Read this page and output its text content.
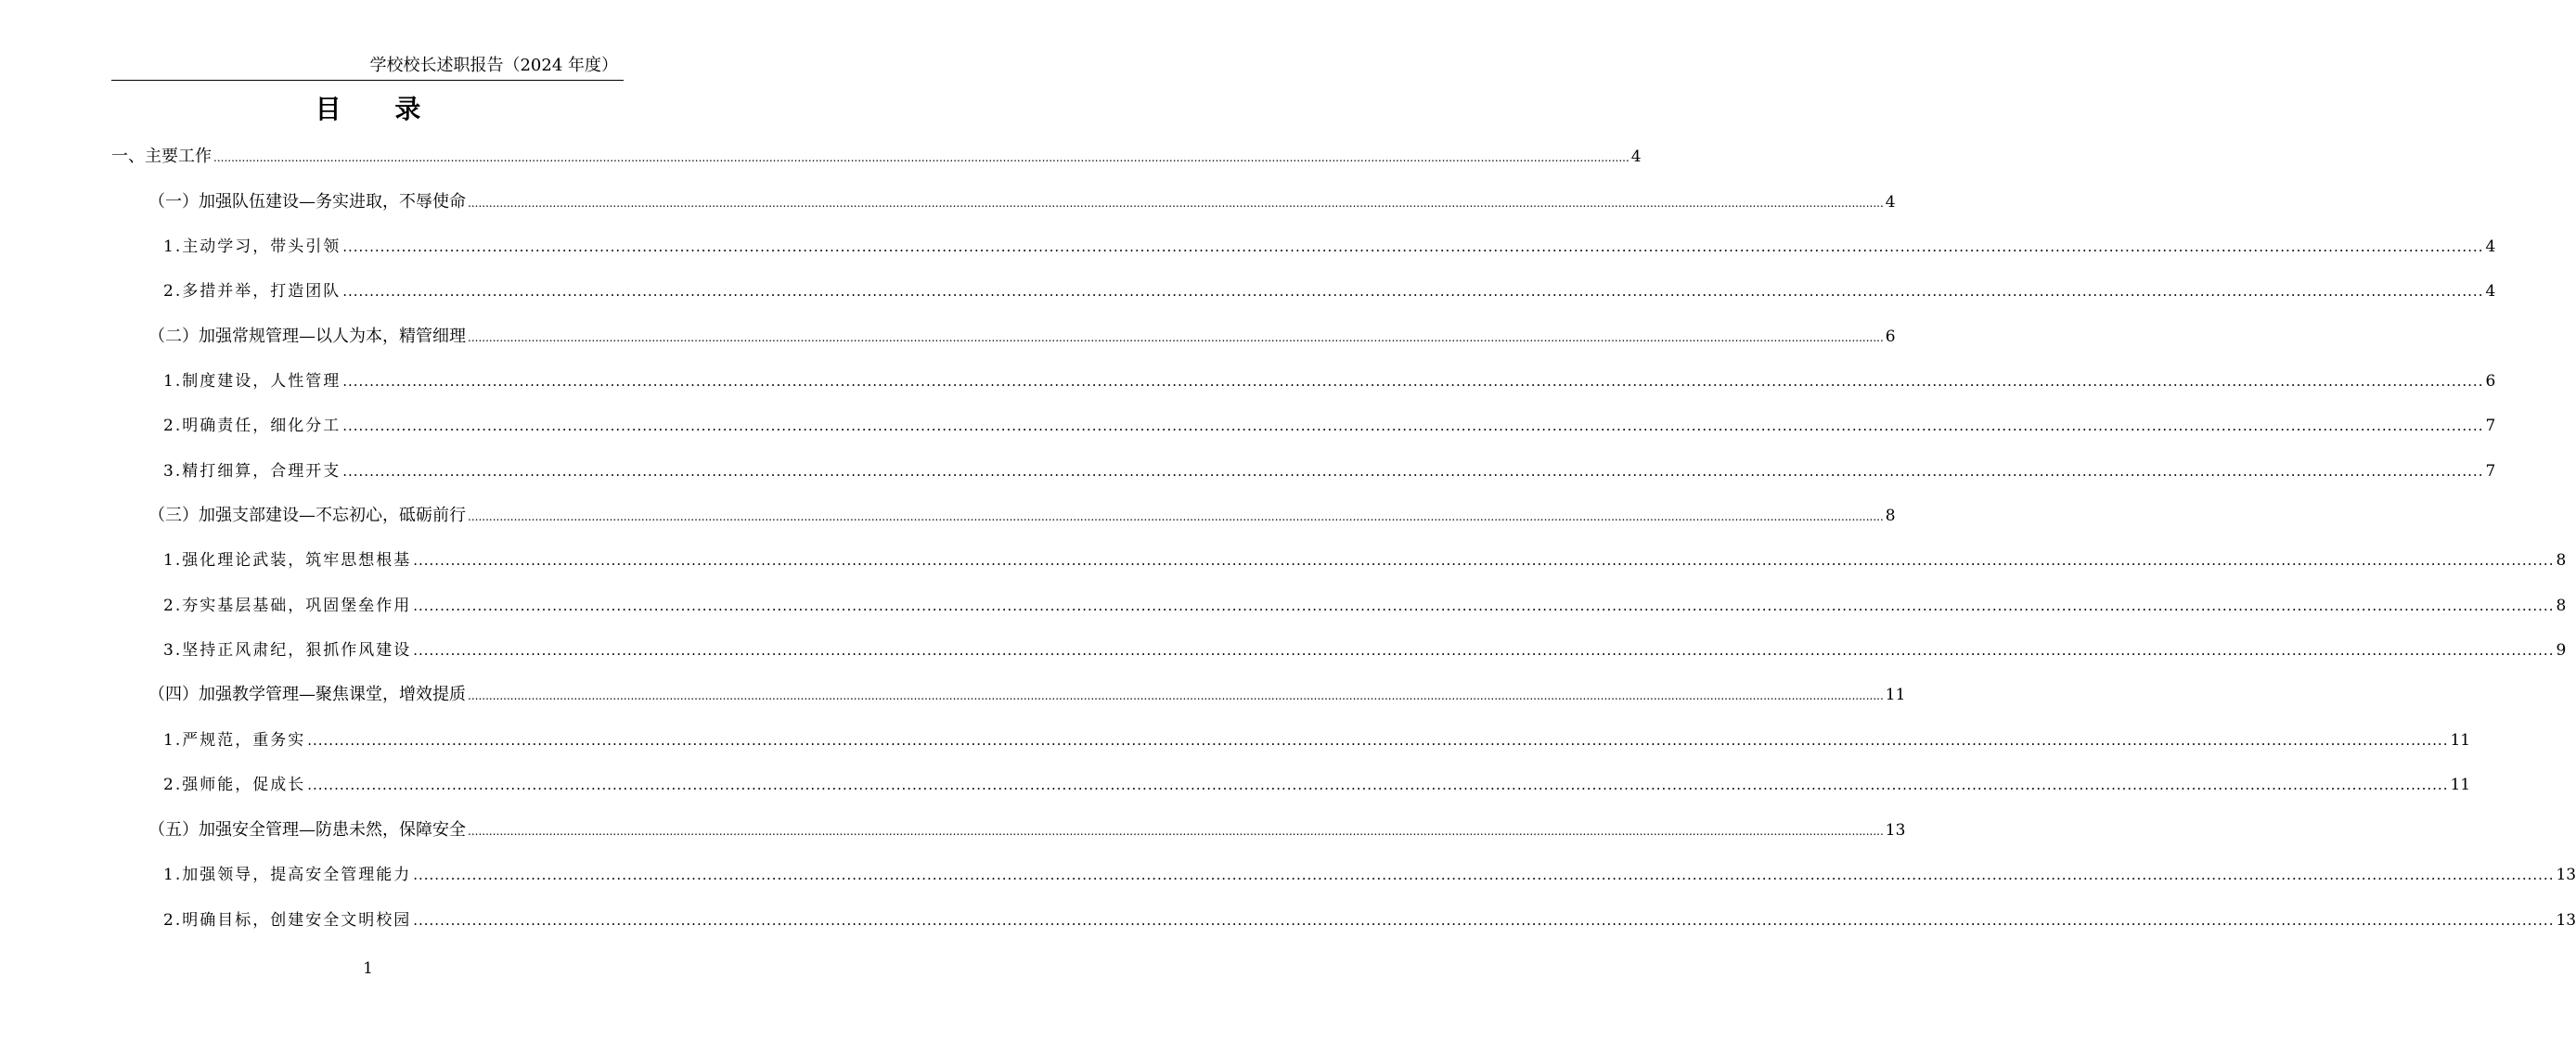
学校校长述职报告（2024 年度）
目 录
一、主要工作 ................................................................................................................................................................................................................................................................................................................................................................................................................ 4
（一）加强队伍建设—务实进取，不辱使命 ................................................................................................................................................................................................................................................................................................................................................................................................................ 4
1.主动学习，带头引领 ................................................................................................................................................................................................................................................................................................................................................................................................................ 4
2.多措并举，打造团队 ................................................................................................................................................................................................................................................................................................................................................................................................................ 4
（二）加强常规管理—以人为本，精管细理 ................................................................................................................................................................................................................................................................................................................................................................................................................ 6
1.制度建设，人性管理 ................................................................................................................................................................................................................................................................................................................................................................................................................ 6
2.明确责任，细化分工 ................................................................................................................................................................................................................................................................................................................................................................................................................ 7
3.精打细算，合理开支 ................................................................................................................................................................................................................................................................................................................................................................................................................ 7
（三）加强支部建设—不忘初心，砥砺前行 ................................................................................................................................................................................................................................................................................................................................................................................................................ 8
1.强化理论武装，筑牢思想根基 ................................................................................................................................................................................................................................................................................................................................................................................................................ 8
2.夯实基层基础，巩固堡垒作用 ................................................................................................................................................................................................................................................................................................................................................................................................................ 8
3.坚持正风肃纪，狠抓作风建设 ................................................................................................................................................................................................................................................................................................................................................................................................................ 9
（四）加强教学管理—聚焦课堂，增效提质 ................................................................................................................................................................................................................................................................................................................................................................................................................ 11
1.严规范，重务实 ................................................................................................................................................................................................................................................................................................................................................................................................................ 11
2.强师能，促成长 ................................................................................................................................................................................................................................................................................................................................................................................................................ 11
（五）加强安全管理—防患未然，保障安全 ................................................................................................................................................................................................................................................................................................................................................................................................................ 13
1.加强领导，提高安全管理能力 ................................................................................................................................................................................................................................................................................................................................................................................................................ 13
2.明确目标，创建安全文明校园 ................................................................................................................................................................................................................................................................................................................................................................................................................ 13
1
